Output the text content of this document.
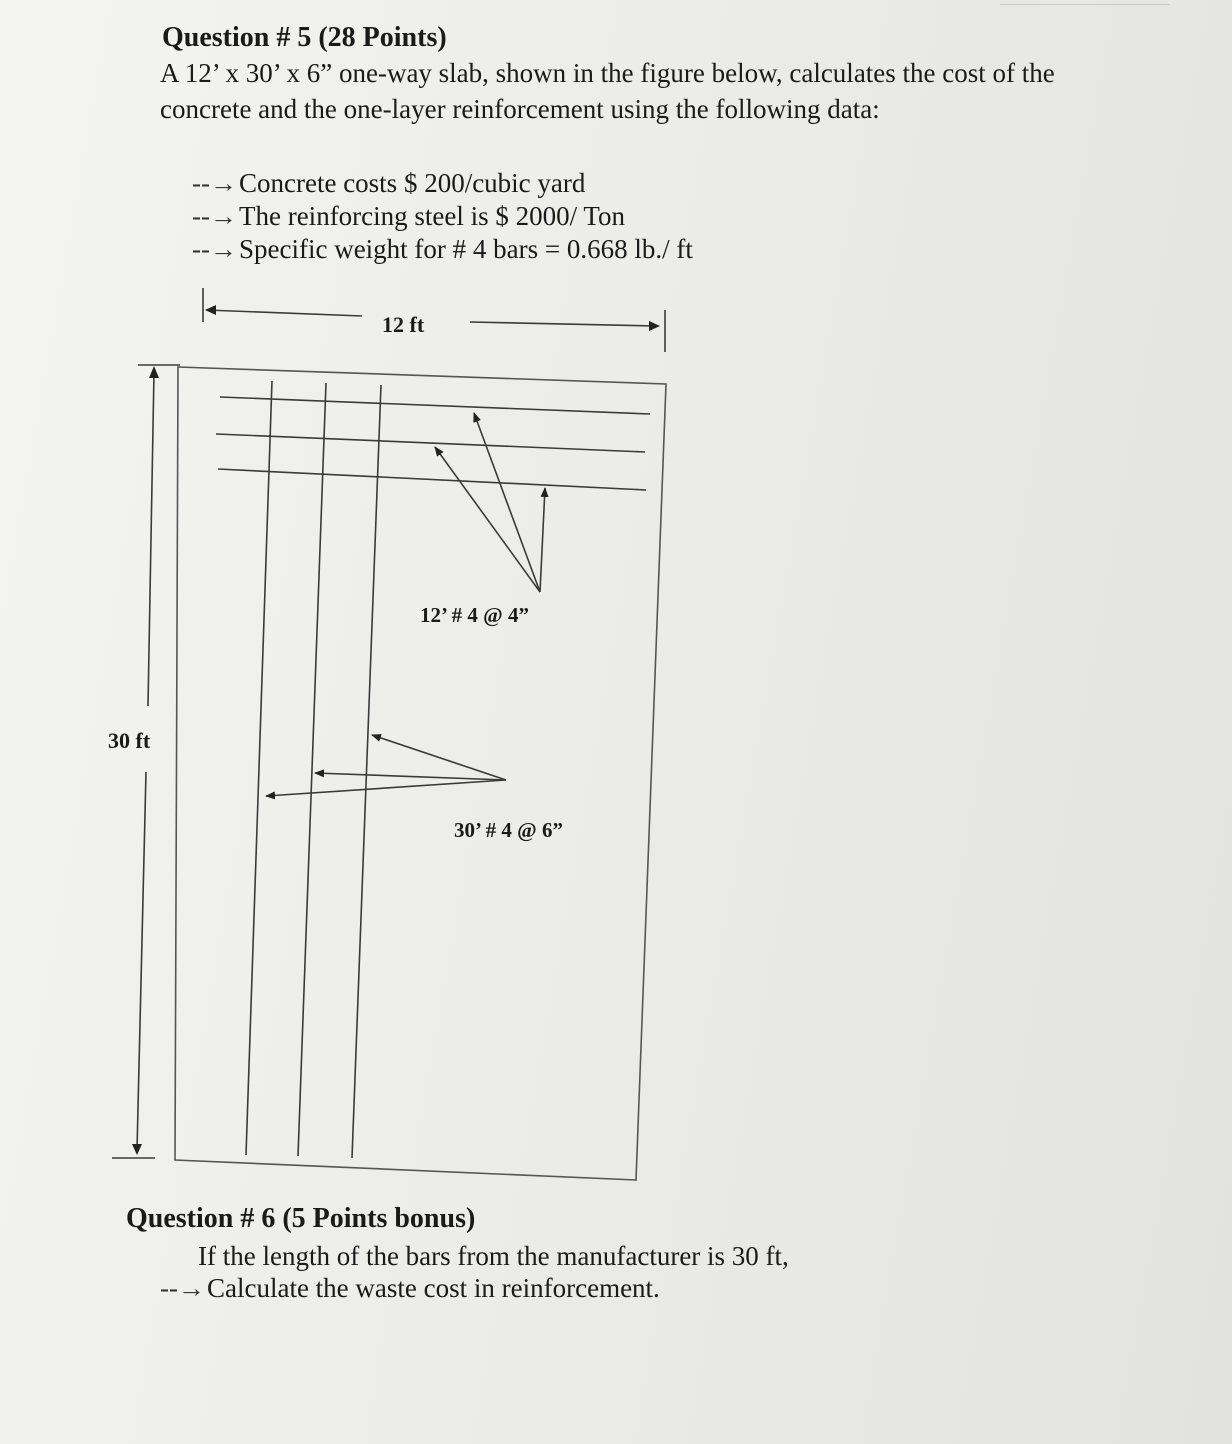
Question # 5 (28 Points)
A 12’ x 30’ x 6” one-way slab, shown in the figure below, calculates the cost of the
concrete and the one-layer reinforcement using the following data:
--→Concrete costs $ 200/cubic yard
--→The reinforcing steel is $ 2000/ Ton
--→Specific weight for # 4 bars = 0.668 lb./ ft
12 ft
30 ft
12’ # 4 @ 4”
30’ # 4 @ 6”
Question # 6 (5 Points bonus)
If the length of the bars from the manufacturer is 30 ft,
--→Calculate the waste cost in reinforcement.
